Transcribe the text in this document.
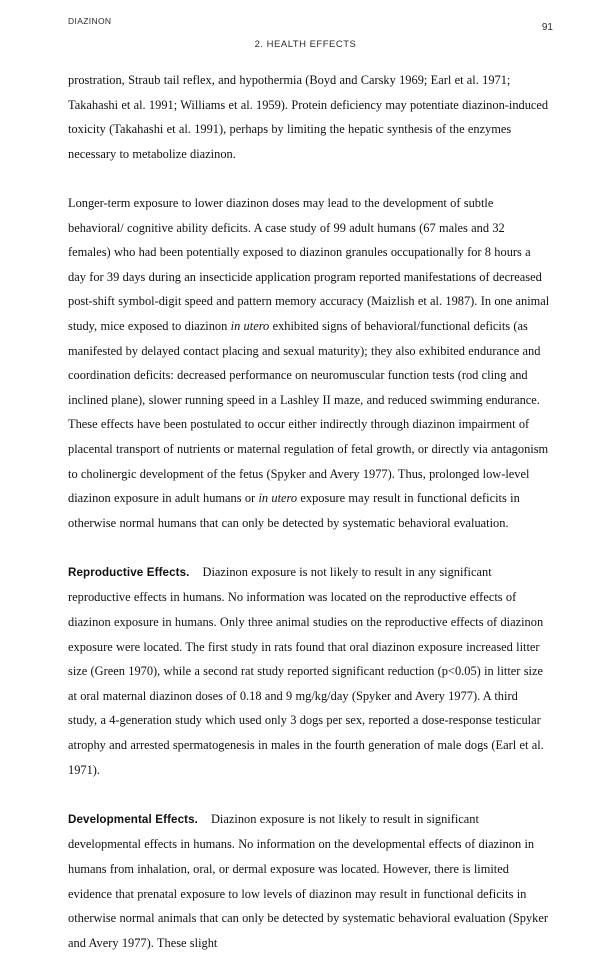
DIAZINON
91
2. HEALTH EFFECTS

prostration, Straub tail reflex, and hypothermia (Boyd and Carsky 1969; Earl et al. 1971; Takahashi et al. 1991; Williams et al. 1959). Protein deficiency may potentiate diazinon-induced toxicity (Takahashi et al. 1991), perhaps by limiting the hepatic synthesis of the enzymes necessary to metabolize diazinon.

Longer-term exposure to lower diazinon doses may lead to the development of subtle behavioral/ cognitive ability deficits. A case study of 99 adult humans (67 males and 32 females) who had been potentially exposed to diazinon granules occupationally for 8 hours a day for 39 days during an insecticide application program reported manifestations of decreased post-shift symbol-digit speed and pattern memory accuracy (Maizlish et al. 1987). In one animal study, mice exposed to diazinon in utero exhibited signs of behavioral/functional deficits (as manifested by delayed contact placing and sexual maturity); they also exhibited endurance and coordination deficits: decreased performance on neuromuscular function tests (rod cling and inclined plane), slower running speed in a Lashley II maze, and reduced swimming endurance. These effects have been postulated to occur either indirectly through diazinon impairment of placental transport of nutrients or maternal regulation of fetal growth, or directly via antagonism to cholinergic development of the fetus (Spyker and Avery 1977). Thus, prolonged low-level diazinon exposure in adult humans or in utero exposure may result in functional deficits in otherwise normal humans that can only be detected by systematic behavioral evaluation.

Reproductive Effects. Diazinon exposure is not likely to result in any significant reproductive effects in humans. No information was located on the reproductive effects of diazinon exposure in humans. Only three animal studies on the reproductive effects of diazinon exposure were located. The first study in rats found that oral diazinon exposure increased litter size (Green 1970), while a second rat study reported significant reduction (p<0.05) in litter size at oral maternal diazinon doses of 0.18 and 9 mg/kg/day (Spyker and Avery 1977). A third study, a 4-generation study which used only 3 dogs per sex, reported a dose-response testicular atrophy and arrested spermatogenesis in males in the fourth generation of male dogs (Earl et al. 1971).

Developmental Effects. Diazinon exposure is not likely to result in significant developmental effects in humans. No information on the developmental effects of diazinon in humans from inhalation, oral, or dermal exposure was located. However, there is limited evidence that prenatal exposure to low levels of diazinon may result in functional deficits in otherwise normal animals that can only be detected by systematic behavioral evaluation (Spyker and Avery 1977). These slight
